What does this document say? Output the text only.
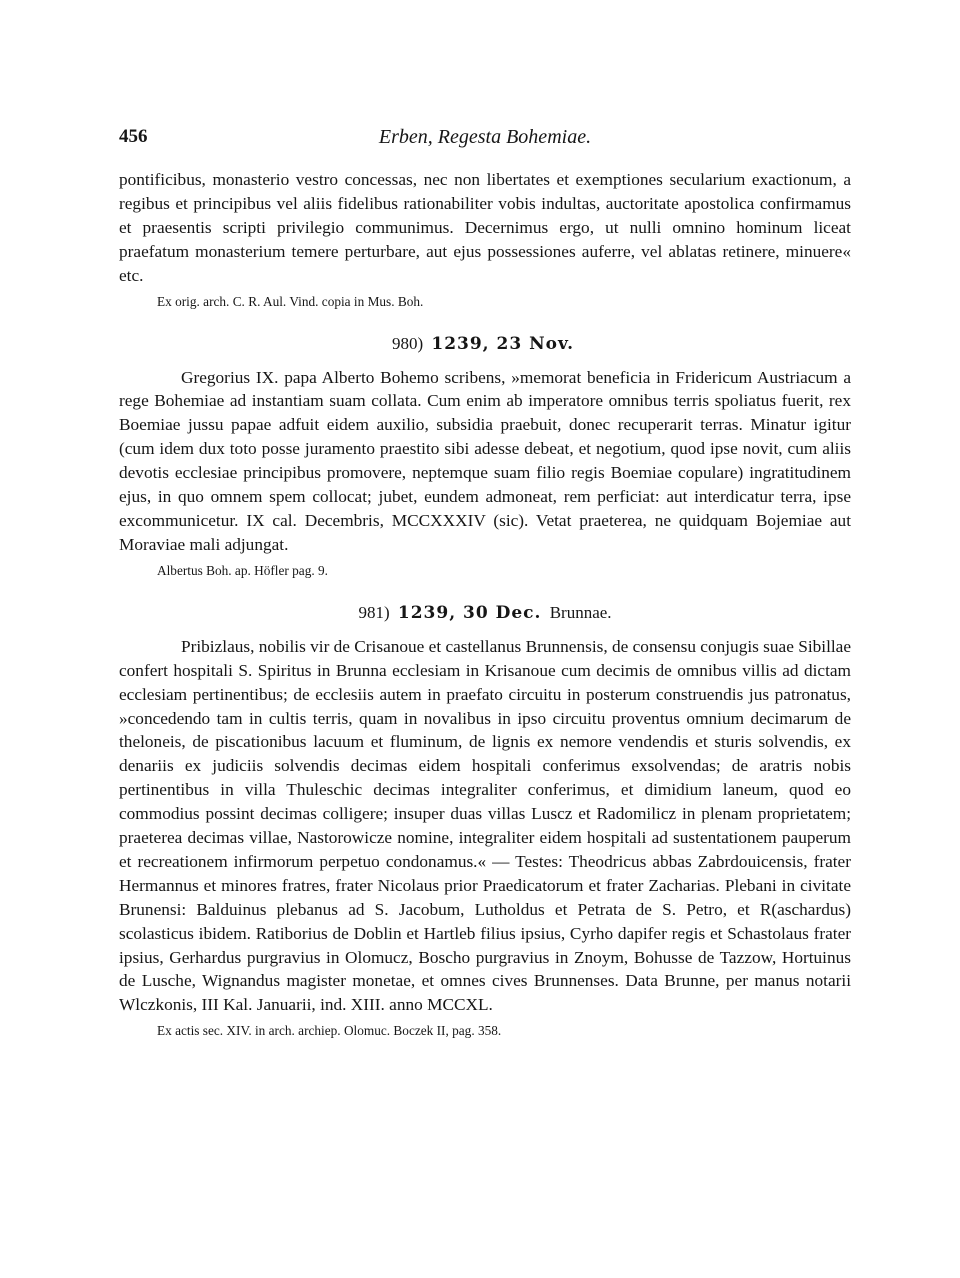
456	Erben, Regesta Bohemiae.

pontificibus, monasterio vestro concessas, nec non libertates et exemptiones secularium exactionum, a regibus et principibus vel aliis fidelibus rationabiliter vobis indultas, auctoritate apostolica confirmamus et praesentis scripti privilegio communimus. Decernimus ergo, ut nulli omnino hominum liceat praefatum monasterium temere perturbare, aut ejus possessiones auferre, vel ablatas retinere, minuere« etc.

Ex orig. arch. C. R. Aul. Vind. copia in Mus. Boh.
980) 1239, 23 Nov.

Gregorius IX. papa Alberto Bohemo scribens, »memorat beneficia in Fridericum Austriacum a rege Bohemiae ad instantiam suam collata. Cum enim ab imperatore omnibus terris spoliatus fuerit, rex Boemiae jussu papae adfuit eidem auxilio, subsidia praebuit, donec recuperarit terras. Minatur igitur (cum idem dux toto posse juramento praestito sibi adesse debeat, et negotium, quod ipse novit, cum aliis devotis ecclesiae principibus promovere, neptemque suam filio regis Boemiae copulare) ingratitudinem ejus, in quo omnem spem collocat; jubet, eundem admoneat, rem perficiat: aut interdicatur terra, ipse excommunicetur. IX cal. Decembris, MCCXXXIV (sic). Vetat praeterea, ne quidquam Bojemiae aut Moraviae mali adjungat.

Albertus Boh. ap. Höfler pag. 9.
981) 1239, 30 Dec. Brunnae.

Pribizlaus, nobilis vir de Crisanoue et castellanus Brunnensis, de consensu conjugis suae Sibillae confert hospitali S. Spiritus in Brunna ecclesiam in Krisanoue cum decimis de omnibus villis ad dictam ecclesiam pertinentibus; de ecclesiis autem in praefato circuitu in posterum construendis jus patronatus, »concedendo tam in cultis terris, quam in novalibus in ipso circuitu proventus omnium decimarum de theloneis, de piscationibus lacuum et fluminum, de lignis ex nemore vendendis et sturis solvendis, ex denariis ex judiciis solvendis decimas eidem hospitali conferimus exsolvendas; de aratris nobis pertinentibus in villa Thuleschic decimas integraliter conferimus, et dimidium laneum, quod eo commodius possint decimas colligere; insuper duas villas Luscz et Radomilicz in plenam proprietatem; praeterea decimas villae, Nastorowicze nomine, integraliter eidem hospitali ad sustentationem pauperum et recreationem infirmorum perpetuo condonamus.« — Testes: Theodricus abbas Zabrdouicensis, frater Hermannus et minores fratres, frater Nicolaus prior Praedicatorum et frater Zacharias. Plebani in civitate Brunensi: Balduinus plebanus ad S. Jacobum, Lutholdus et Petrata de S. Petro, et R(aschardus) scolasticus ibidem. Ratiborius de Doblin et Hartleb filius ipsius, Cyrho dapifer regis et Schastolaus frater ipsius, Gerhardus purgravius in Olomucz, Boscho purgravius in Znoym, Bohusse de Tazzow, Hortuinus de Lusche, Wignandus magister monetae, et omnes cives Brunnenses. Data Brunne, per manus notarii Wlczkonis, III Kal. Januarii, ind. XIII. anno MCCXL.

Ex actis sec. XIV. in arch. archiep. Olomuc. Boczek II, pag. 358.
